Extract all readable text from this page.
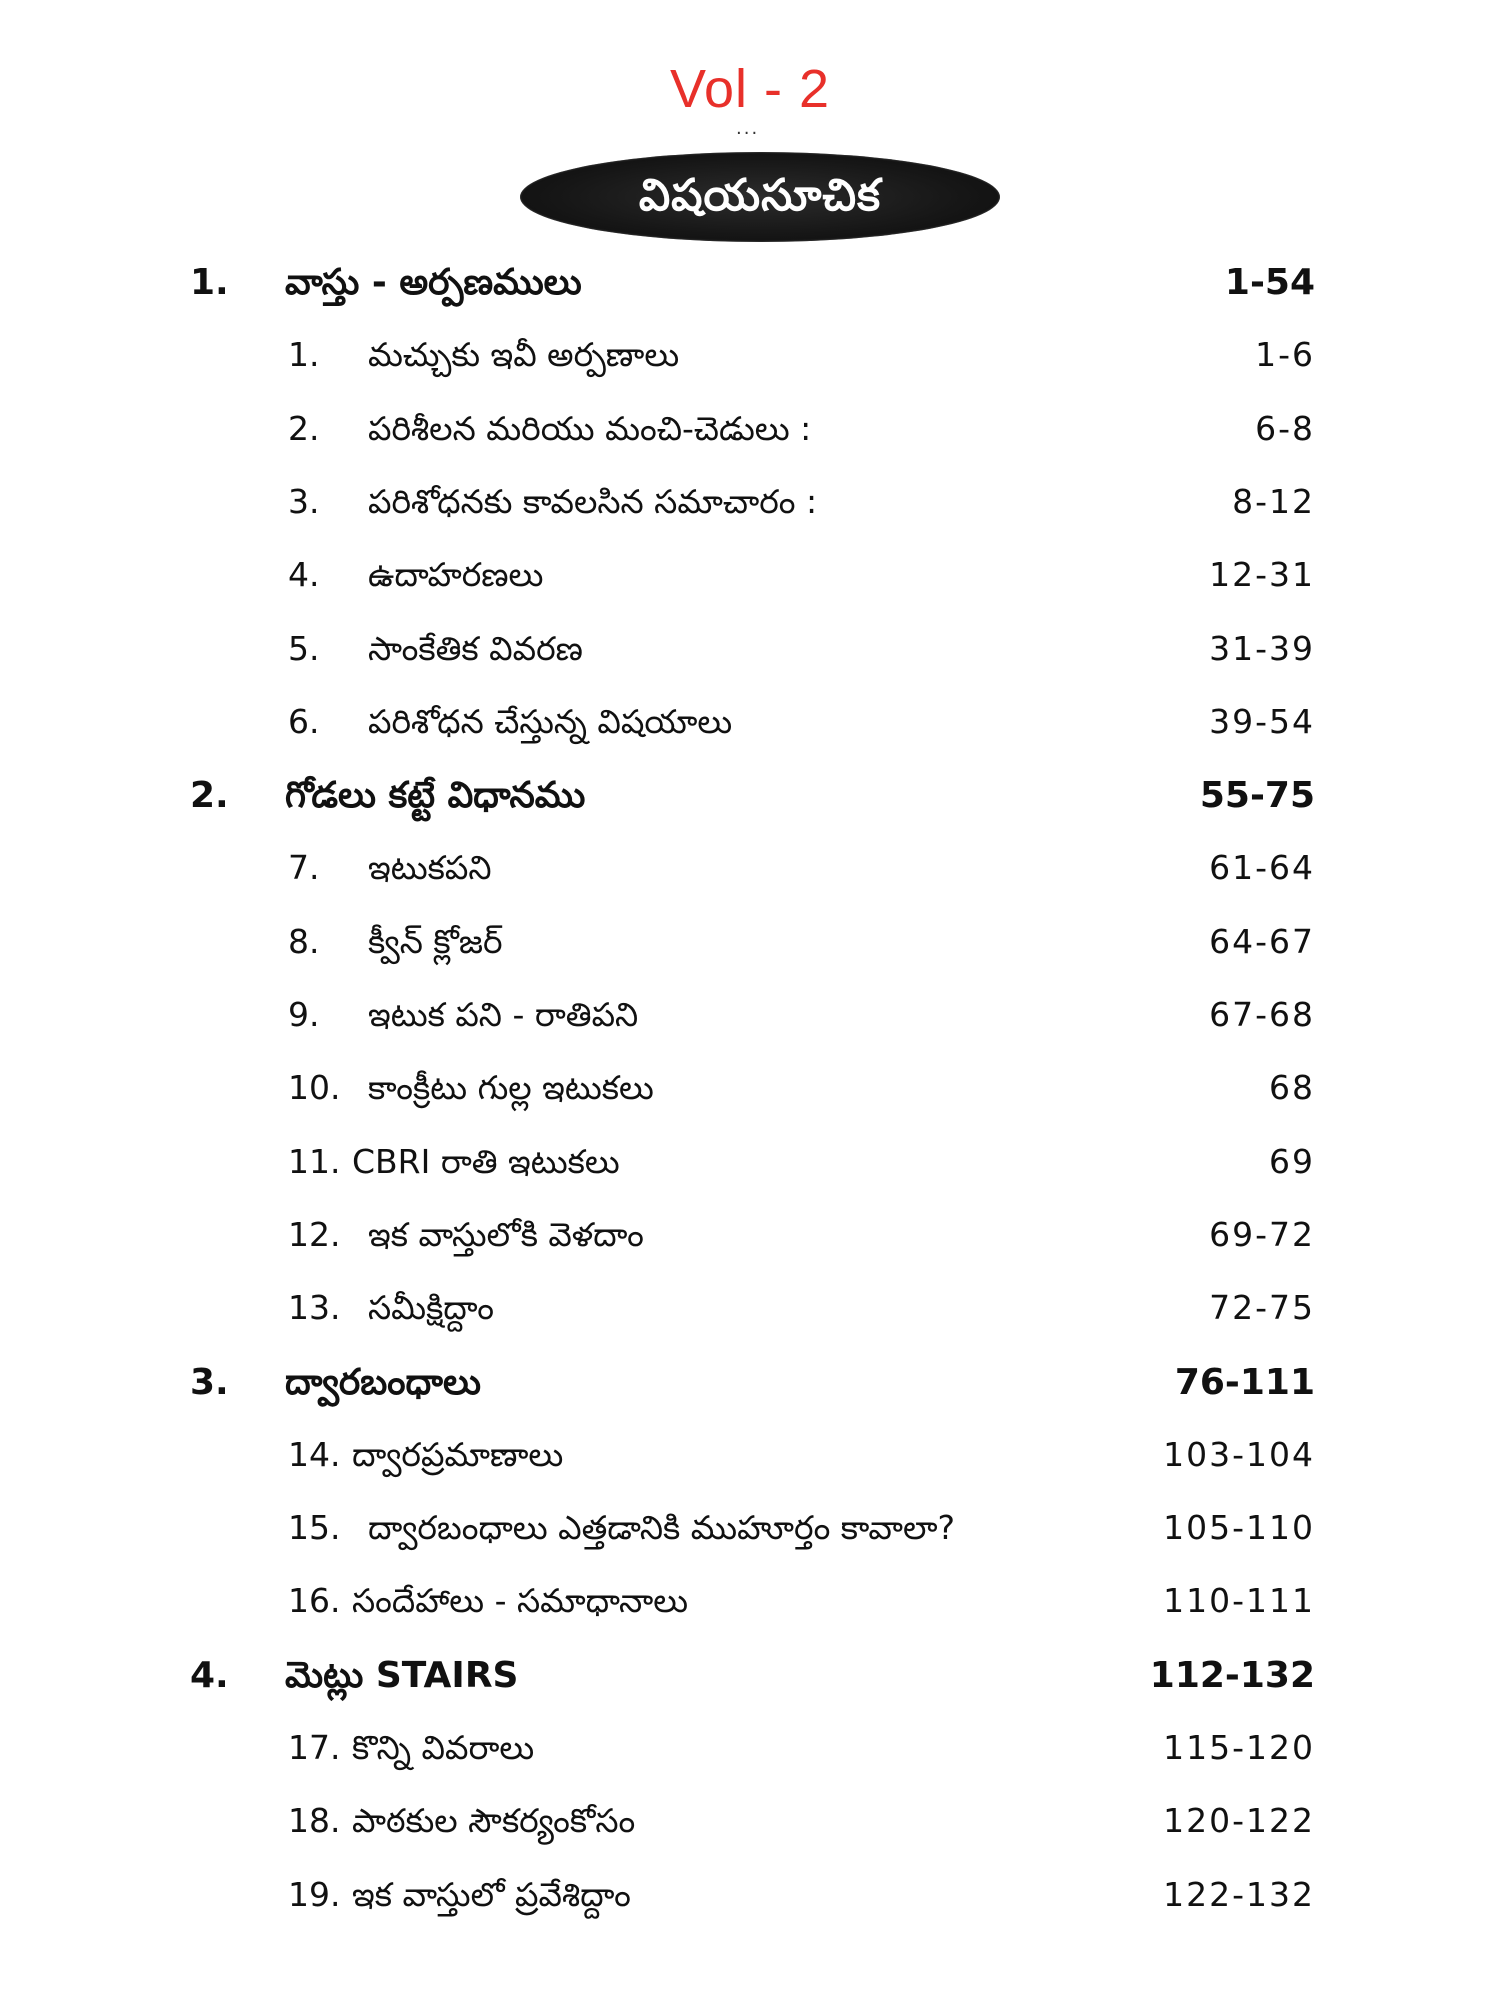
Vol - 2
...
విషయసూచిక
1. వాస్తు - అర్పణములు	1-54
1. మచ్చుకు ఇవీ అర్పణాలు	1-6
2. పరిశీలన మరియు మంచి-చెడులు :	6-8
3. పరిశోధనకు కావలసిన సమాచారం :	8-12
4. ఉదాహరణలు	12-31
5. సాంకేతిక వివరణ	31-39
6. పరిశోధన చేస్తున్న విషయాలు	39-54
2. గోడలు కట్టే విధానము	55-75
7. ఇటుకపని	61-64
8. క్వీన్ క్లోజర్	64-67
9. ఇటుక పని - రాతిపని	67-68
10. కాంక్రీటు గుల్ల ఇటుకలు	68
11. CBRI రాతి ఇటుకలు	69
12. ఇక వాస్తులోకి వెళదాం	69-72
13. సమీక్షిద్దాం	72-75
3. ద్వారబంధాలు	76-111
14. ద్వారప్రమాణాలు	103-104
15. ద్వారబంధాలు ఎత్తడానికి ముహూర్తం కావాలా?	105-110
16. సందేహాలు - సమాధానాలు	110-111
4. మెట్లు STAIRS	112-132
17. కొన్ని వివరాలు	115-120
18. పాఠకుల సౌకర్యంకోసం	120-122
19. ఇక వాస్తులో ప్రవేశిద్దాం	122-132
